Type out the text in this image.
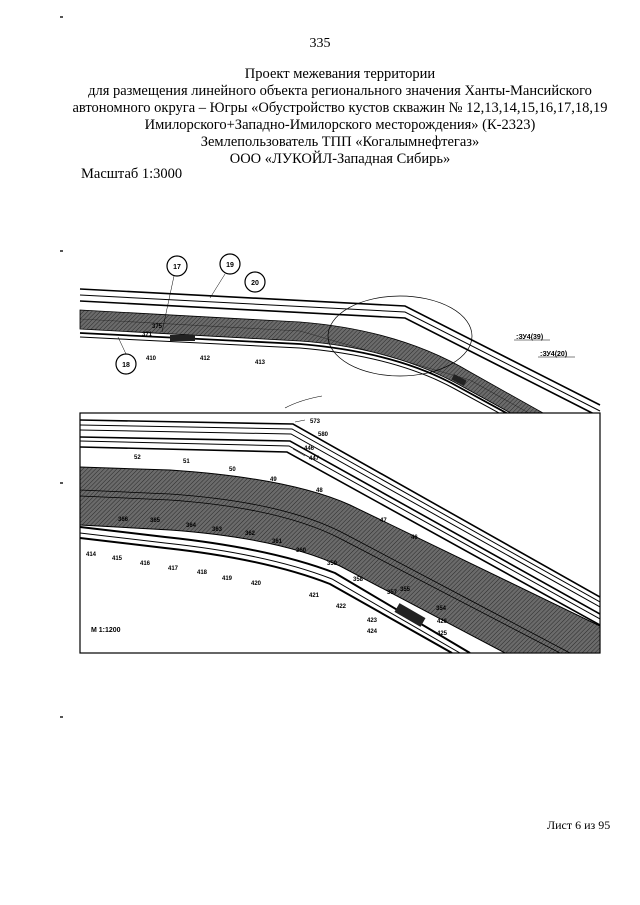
335
Проект межевания территории
для размещения линейного объекта регионального значения Ханты-Мансийского
автономного округа – Югры «Обустройство кустов скважин № 12,13,14,15,16,17,18,19
Имилорского+Западно-Имилорского месторождения» (К-2323)
Землепользователь ТПП «Когалымнефтегаз»
ООО «ЛУКОЙЛ-Западная Сибирь»
Масштаб 1:3000
17	19
20
18
375
371
410	412
413
:ЗУ4(39)
:ЗУ4(20)
573
580
446
447
52
51
50
49
48
47
46
366	365
364
363
362
361
360
359
358
357 355
354
414
415
416
417
418
419
420
421
422
423
424
426
425
М 1:1200
Лист 6 из 95
